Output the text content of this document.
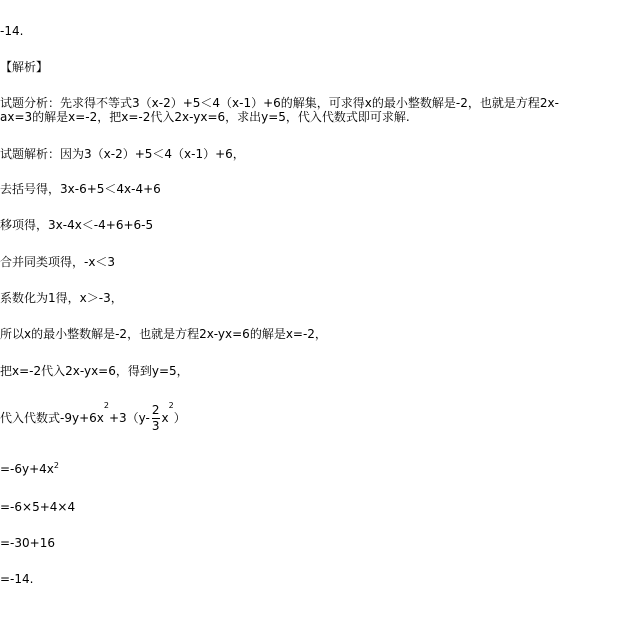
-14.
【解析】
试题分析：先求得不等式3（x-2）+5＜4（x-1）+6的解集，可求得x的最小整数解是-2，也就是方程2x-
ax=3的解是x=-2，把x=-2代入2x-yx=6，求出y=5，代入代数式即可求解.
试题解析：因为3（x-2）+5＜4（x-1）+6，
去括号得，3x-6+5＜4x-4+6
移项得，3x-4x＜-4+6+6-5
合并同类项得，-x＜3
系数化为1得，x＞-3，
所以x的最小整数解是-2，也就是方程2x-yx=6的解是x=-2，
把x=-2代入2x-yx=6，得到y=5，
代入代数式$-9y+6x^2+3(y- \frac{2}{3} x^2)$
$=-6y+4x^2$
=-6×5+4×4
=-30+16
=-14.
